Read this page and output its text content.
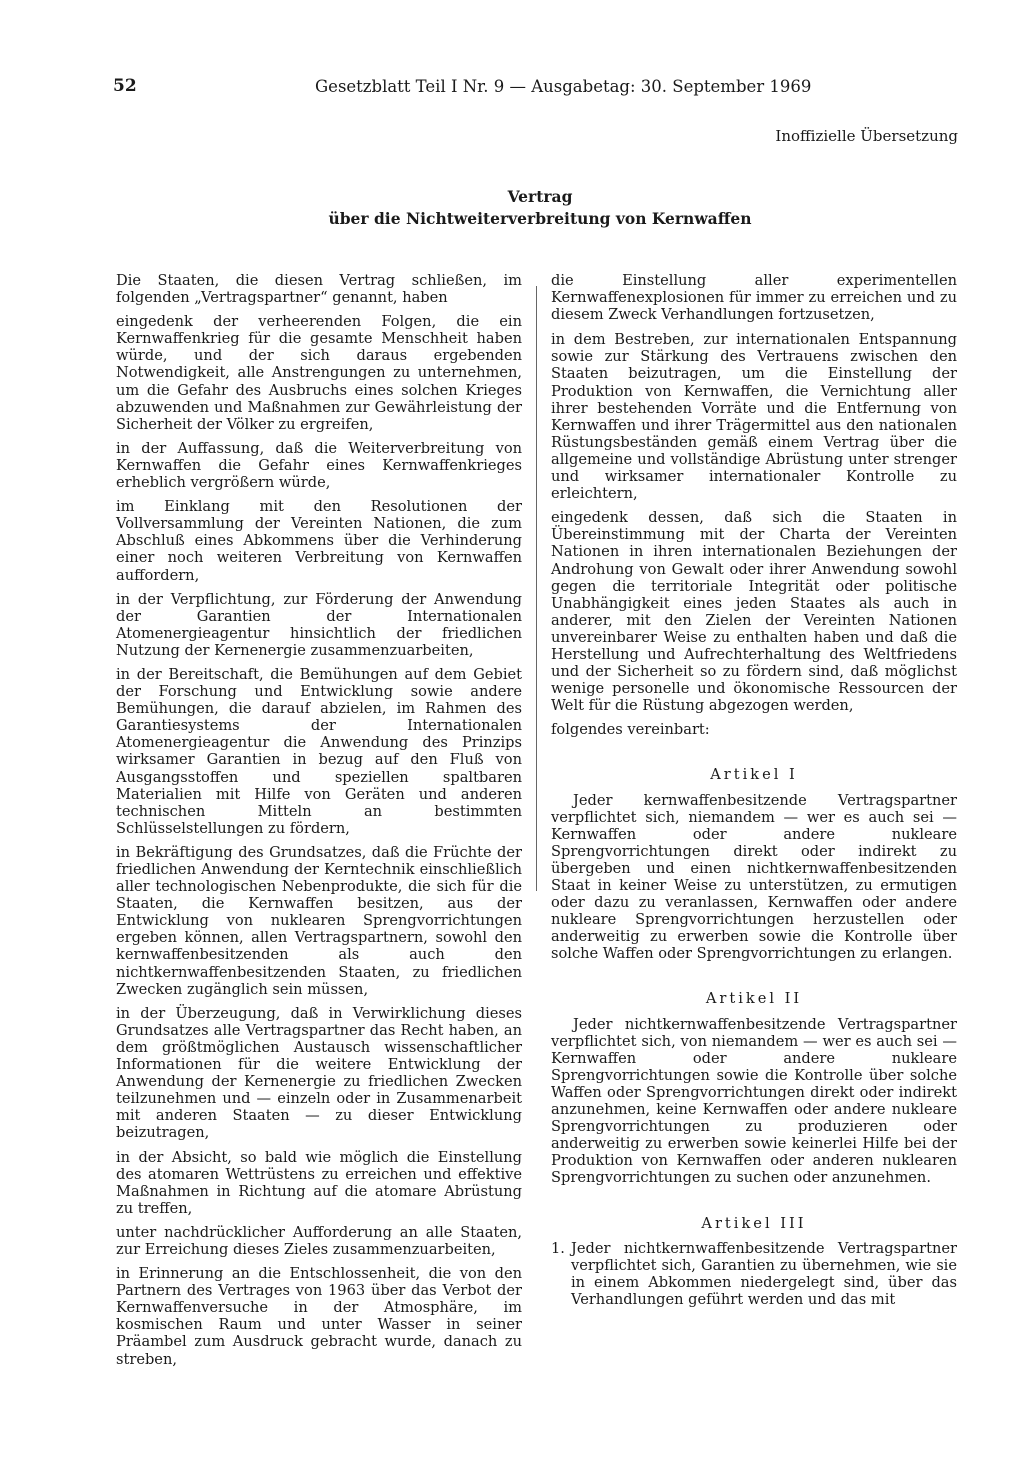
52	Gesetzblatt Teil I Nr. 9 — Ausgabetag: 30. September 1969
Inoffizielle Übersetzung
Vertrag
über die Nichtweiterverbreitung von Kernwaffen

Die Staaten, die diesen Vertrag schließen, im folgenden „Vertragspartner“ genannt, haben

eingedenk der verheerenden Folgen, die ein Kernwaffenkrieg für die gesamte Menschheit haben würde, und der sich daraus ergebenden Notwendigkeit, alle Anstrengungen zu unternehmen, um die Gefahr des Ausbruchs eines solchen Krieges abzuwenden und Maßnahmen zur Gewährleistung der Sicherheit der Völker zu ergreifen,

in der Auffassung, daß die Weiterverbreitung von Kernwaffen die Gefahr eines Kernwaffenkrieges erheblich vergrößern würde,

im Einklang mit den Resolutionen der Vollversammlung der Vereinten Nationen, die zum Abschluß eines Abkommens über die Verhinderung einer noch weiteren Verbreitung von Kernwaffen auffordern,

in der Verpflichtung, zur Förderung der Anwendung der Garantien der Internationalen Atomenergieagentur hinsichtlich der friedlichen Nutzung der Kernenergie zusammenzuarbeiten,

in der Bereitschaft, die Bemühungen auf dem Gebiet der Forschung und Entwicklung sowie andere Bemühungen, die darauf abzielen, im Rahmen des Garantiesystems der Internationalen Atomenergieagentur die Anwendung des Prinzips wirksamer Garantien in bezug auf den Fluß von Ausgangsstoffen und speziellen spaltbaren Materialien mit Hilfe von Geräten und anderen technischen Mitteln an bestimmten Schlüsselstellungen zu fördern,

in Bekräftigung des Grundsatzes, daß die Früchte der friedlichen Anwendung der Kerntechnik einschließlich aller technologischen Nebenprodukte, die sich für die Staaten, die Kernwaffen besitzen, aus der Entwicklung von nuklearen Sprengvorrichtungen ergeben können, allen Vertragspartnern, sowohl den kernwaffenbesitzenden als auch den nichtkernwaffenbesitzenden Staaten, zu friedlichen Zwecken zugänglich sein müssen,

in der Überzeugung, daß in Verwirklichung dieses Grundsatzes alle Vertragspartner das Recht haben, an dem größtmöglichen Austausch wissenschaftlicher Informationen für die weitere Entwicklung der Anwendung der Kernenergie zu friedlichen Zwecken teilzunehmen und — einzeln oder in Zusammenarbeit mit anderen Staaten — zu dieser Entwicklung beizutragen,

in der Absicht, so bald wie möglich die Einstellung des atomaren Wettrüstens zu erreichen und effektive Maßnahmen in Richtung auf die atomare Abrüstung zu treffen,

unter nachdrücklicher Aufforderung an alle Staaten, zur Erreichung dieses Zieles zusammenzuarbeiten,

in Erinnerung an die Entschlossenheit, die von den Partnern des Vertrages von 1963 über das Verbot der Kernwaffenversuche in der Atmosphäre, im kosmischen Raum und unter Wasser in seiner Präambel zum Ausdruck gebracht wurde, danach zu streben,

die Einstellung aller experimentellen Kernwaffenexplosionen für immer zu erreichen und zu diesem Zweck Verhandlungen fortzusetzen,

in dem Bestreben, zur internationalen Entspannung sowie zur Stärkung des Vertrauens zwischen den Staaten beizutragen, um die Einstellung der Produktion von Kernwaffen, die Vernichtung aller ihrer bestehenden Vorräte und die Entfernung von Kernwaffen und ihrer Trägermittel aus den nationalen Rüstungsbeständen gemäß einem Vertrag über die allgemeine und vollständige Abrüstung unter strenger und wirksamer internationaler Kontrolle zu erleichtern,

eingedenk dessen, daß sich die Staaten in Übereinstimmung mit der Charta der Vereinten Nationen in ihren internationalen Beziehungen der Androhung von Gewalt oder ihrer Anwendung sowohl gegen die territoriale Integrität oder politische Unabhängigkeit eines jeden Staates als auch in anderer, mit den Zielen der Vereinten Nationen unvereinbarer Weise zu enthalten haben und daß die Herstellung und Aufrechterhaltung des Weltfriedens und der Sicherheit so zu fördern sind, daß möglichst wenige personelle und ökonomische Ressourcen der Welt für die Rüstung abgezogen werden,

folgendes vereinbart:

Artikel I

Jeder kernwaffenbesitzende Vertragspartner verpflichtet sich, niemandem — wer es auch sei — Kernwaffen oder andere nukleare Sprengvorrichtungen direkt oder indirekt zu übergeben und einen nichtkernwaffenbesitzenden Staat in keiner Weise zu unterstützen, zu ermutigen oder dazu zu veranlassen, Kernwaffen oder andere nukleare Sprengvorrichtungen herzustellen oder anderweitig zu erwerben sowie die Kontrolle über solche Waffen oder Sprengvorrichtungen zu erlangen.

Artikel II

Jeder nichtkernwaffenbesitzende Vertragspartner verpflichtet sich, von niemandem — wer es auch sei — Kernwaffen oder andere nukleare Sprengvorrichtungen sowie die Kontrolle über solche Waffen oder Sprengvorrichtungen direkt oder indirekt anzunehmen, keine Kernwaffen oder andere nukleare Sprengvorrichtungen zu produzieren oder anderweitig zu erwerben sowie keinerlei Hilfe bei der Produktion von Kernwaffen oder anderen nuklearen Sprengvorrichtungen zu suchen oder anzunehmen.

Artikel III
1. Jeder nichtkernwaffenbesitzende Vertragspartner verpflichtet sich, Garantien zu übernehmen, wie sie in einem Abkommen niedergelegt sind, über das Verhandlungen geführt werden und das mit
